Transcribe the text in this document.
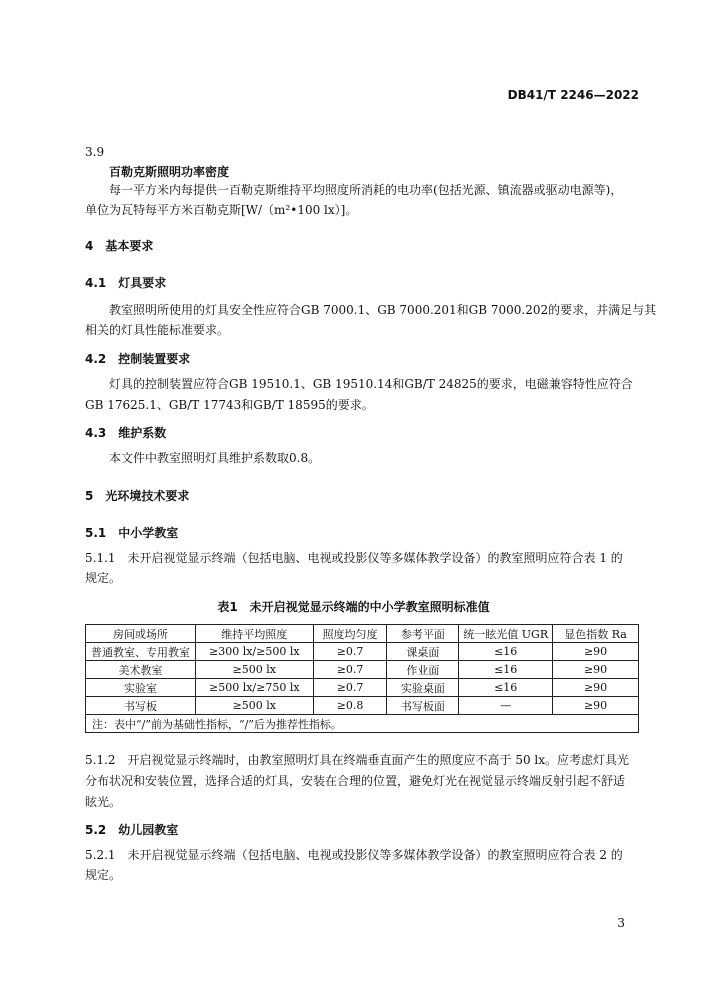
DB41/T 2246—2022
3.9
百勒克斯照明功率密度
每一平方米内每提供一百勒克斯维持平均照度所消耗的电功率(包括光源、镇流器或驱动电源等)，
单位为瓦特每平方米百勒克斯[W/（m²•100 lx）]。
4　基本要求
4.1　灯具要求
教室照明所使用的灯具安全性应符合GB 7000.1、GB 7000.201和GB 7000.202的要求，并满足与其
相关的灯具性能标准要求。
4.2　控制装置要求
灯具的控制装置应符合GB 19510.1、GB 19510.14和GB/T 24825的要求，电磁兼容特性应符合
GB 17625.1、GB/T 17743和GB/T 18595的要求。
4.3　维护系数
本文件中教室照明灯具维护系数取0.8。
5　光环境技术要求
5.1　中小学教室
5.1.1　未开启视觉显示终端（包括电脑、电视或投影仪等多媒体教学设备）的教室照明应符合表 1 的
规定。
表1　未开启视觉显示终端的中小学教室照明标准值
房间或场所	维持平均照度	照度均匀度	参考平面	统一眩光值 UGR	显色指数 Ra
普通教室、专用教室	≥300 lx/≥500 lx	≥0.7	课桌面	≤16	≥90
美术教室	≥500 lx	≥0.7	作业面	≤16	≥90
实验室	≥500 lx/≥750 lx	≥0.7	实验桌面	≤16	≥90
书写板	≥500 lx	≥0.8	书写板面	—	≥90
注：表中“/”前为基础性指标，“/”后为推荐性指标。					
5.1.2　开启视觉显示终端时，由教室照明灯具在终端垂直面产生的照度应不高于 50 lx。应考虑灯具光
分布状况和安装位置，选择合适的灯具，安装在合理的位置，避免灯光在视觉显示终端反射引起不舒适
眩光。
5.2　幼儿园教室
5.2.1　未开启视觉显示终端（包括电脑、电视或投影仪等多媒体教学设备）的教室照明应符合表 2 的
规定。
3
